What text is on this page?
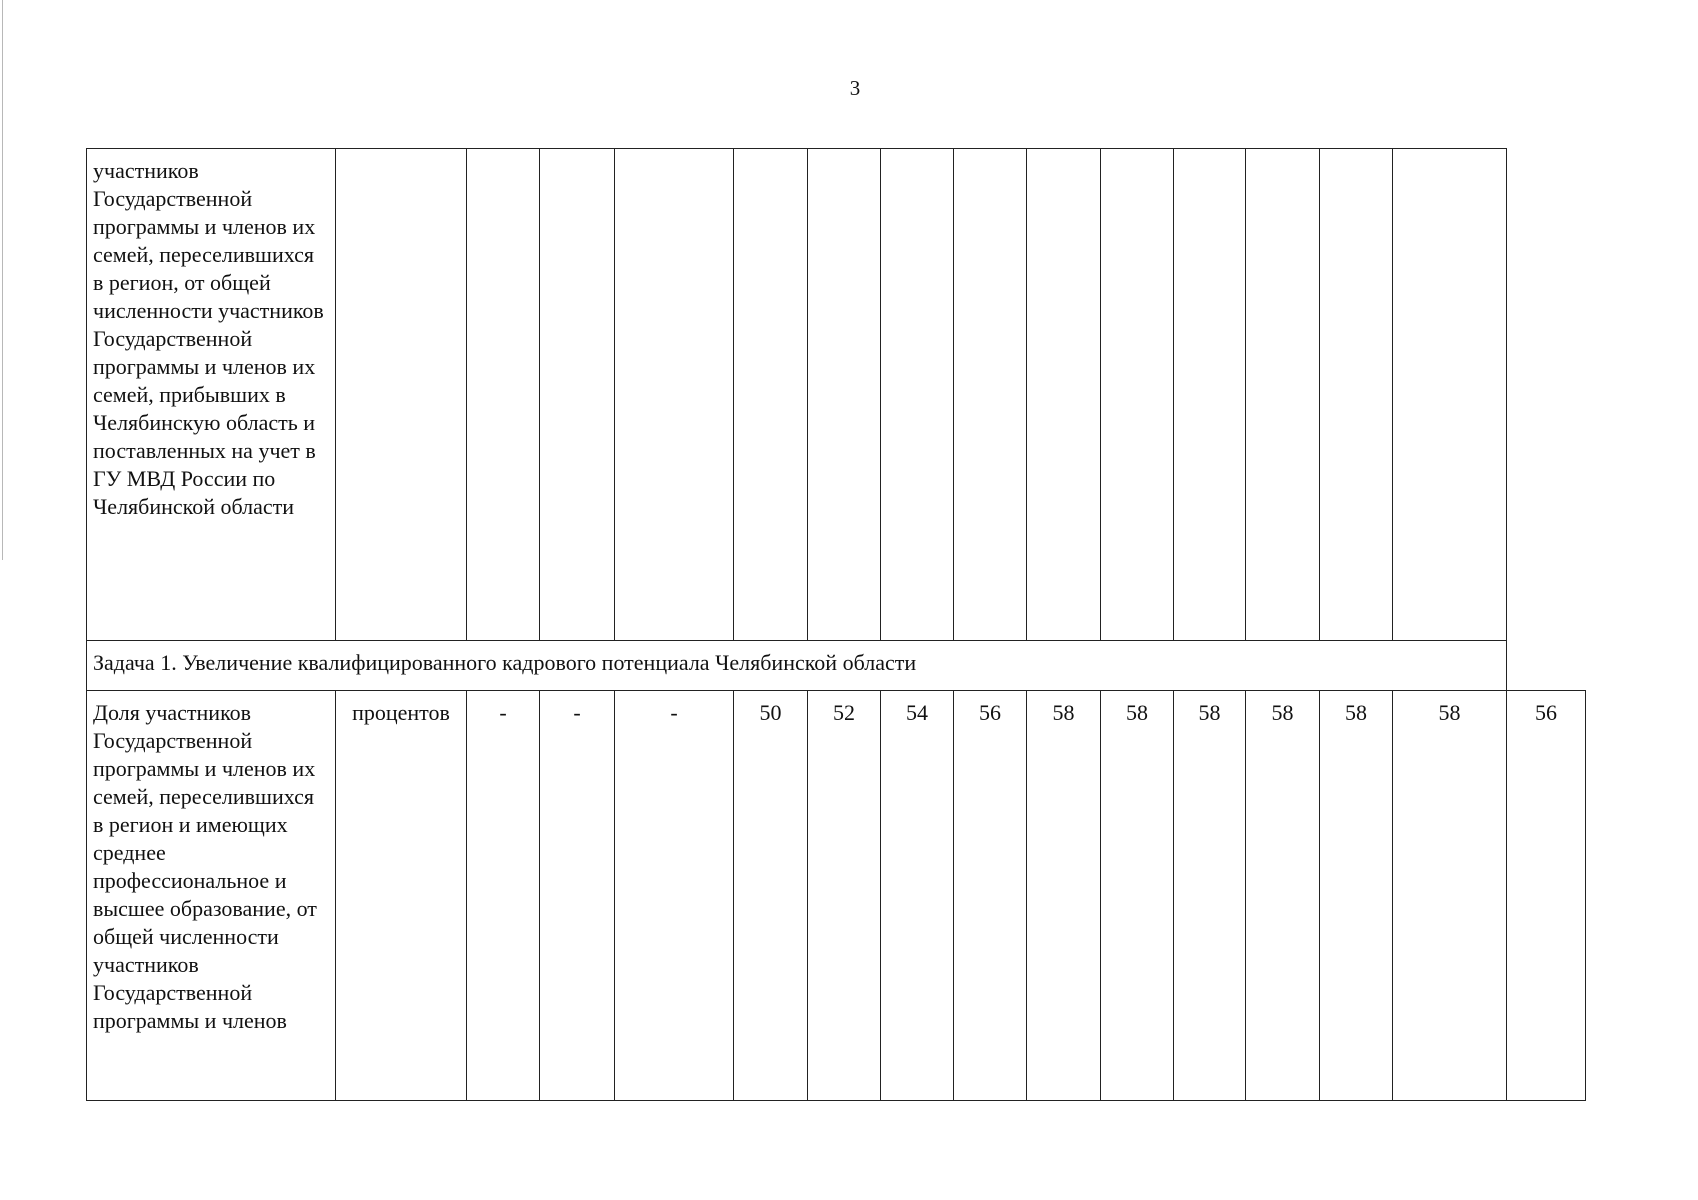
3
участников Государственной программы и членов их семей, переселившихся в регион, от общей численности участников Государственной программы и членов их семей, прибывших в Челябинскую область и поставленных на учет в ГУ МВД России по Челябинской области															
Задача 1. Увеличение квалифицированного кадрового потенциала Челябинской области															
Доля участников Государственной программы и членов их семей, переселившихся в регион и имеющих среднее профессиональное и высшее образование, от общей численности участников Государственной программы и членов	процентов	-	-	-	50	52	54	56	58	58	58	58	58	58	56
